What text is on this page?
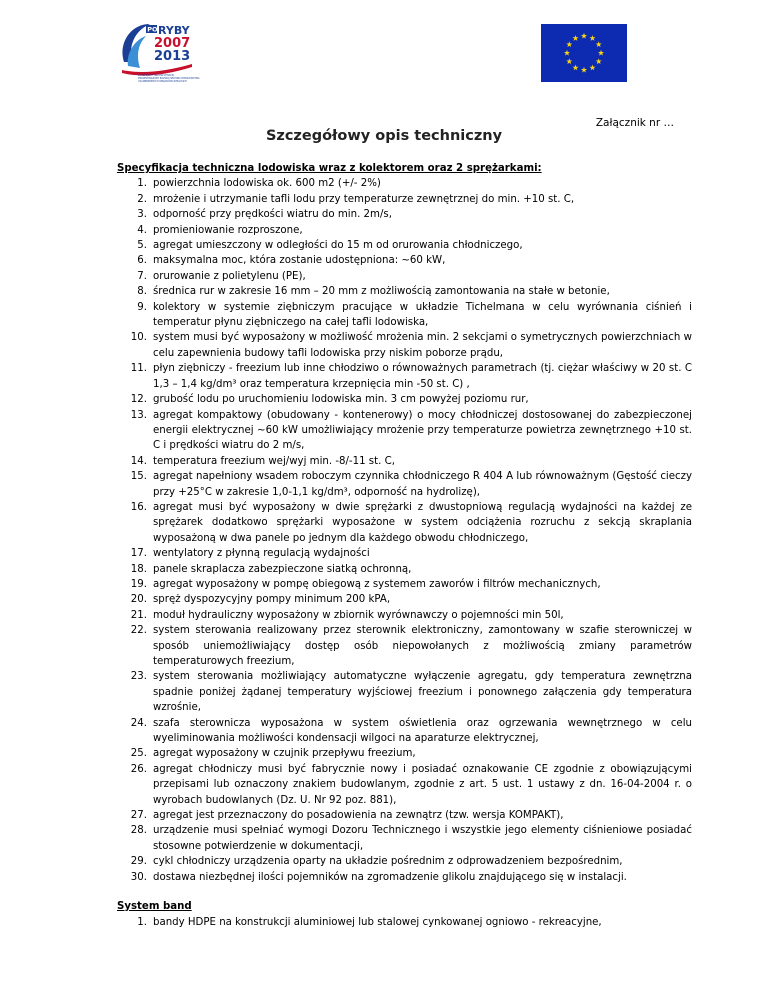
PO RYBY
2007
2013
EUROPEJSKI FUNDUSZ RYBACKI
ZRÓWNOWAŻONY ROZWÓJ SEKTORA RYBOŁÓWSTWA
I NADBRZEŻNYCH OBSZARÓW RYBACKICH
Załącznik nr …
Szczegółowy opis techniczny

Specyfikacja techniczna lodowiska wraz z kolektorem oraz 2 sprężarkami:

1. powierzchnia lodowiska ok. 600 m2 (+/- 2%)
2. mrożenie i utrzymanie tafli lodu przy temperaturze zewnętrznej do min. +10 st. C,
3. odporność przy prędkości wiatru do min. 2m/s,
4. promieniowanie rozproszone,
5. agregat umieszczony w odległości do 15 m od orurowania chłodniczego,
6. maksymalna moc, która zostanie udostępniona: ~60 kW,
7. orurowanie z polietylenu (PE),
8. średnica rur w zakresie 16 mm – 20 mm z możliwością zamontowania na stałe w betonie,
9. kolektory w systemie ziębniczym pracujące w układzie Tichelmana w celu wyrównania ciśnień i temperatur płynu ziębniczego na całej tafli lodowiska,
10. system musi być wyposażony w możliwość mrożenia min. 2 sekcjami o symetrycznych powierzchniach w celu zapewnienia budowy tafli lodowiska przy niskim poborze prądu,
11. płyn ziębniczy - freezium lub inne chłodziwo o równoważnych parametrach (tj. ciężar właściwy w 20 st. C 1,3 – 1,4 kg/dm³ oraz temperatura krzepnięcia min -50 st. C) ,
12. grubość lodu po uruchomieniu lodowiska min. 3 cm powyżej poziomu rur,
13. agregat kompaktowy (obudowany - kontenerowy) o mocy chłodniczej dostosowanej do zabezpieczonej energii elektrycznej ~60 kW umożliwiający mrożenie przy temperaturze powietrza zewnętrznego +10 st. C i prędkości wiatru do 2 m/s,
14. temperatura freezium wej/wyj min. -8/-11 st. C,
15. agregat napełniony wsadem roboczym czynnika chłodniczego R 404 A lub równoważnym (Gęstość cieczy przy +25°C w zakresie 1,0-1,1 kg/dm³, odporność na hydrolizę),
16. agregat musi być wyposażony w dwie sprężarki z dwustopniową regulacją wydajności na każdej ze sprężarek dodatkowo sprężarki wyposażone w system odciążenia rozruchu z sekcją skraplania wyposażoną w dwa panele po jednym dla każdego obwodu chłodniczego,
17. wentylatory z płynną regulacją wydajności
18. panele skraplacza zabezpieczone siatką ochronną,
19. agregat wyposażony w pompę obiegową z systemem zaworów i filtrów mechanicznych,
20. spręż dyspozycyjny pompy minimum 200 kPA,
21. moduł hydrauliczny wyposażony w zbiornik wyrównawczy o pojemności min 50l,
22. system sterowania realizowany przez sterownik elektroniczny, zamontowany w szafie sterowniczej w sposób uniemożliwiający dostęp osób niepowołanych z możliwością zmiany parametrów temperaturowych freezium,
23. system sterowania możliwiający automatyczne wyłączenie agregatu, gdy temperatura zewnętrzna spadnie poniżej żądanej temperatury wyjściowej freezium i ponownego załączenia gdy temperatura wzrośnie,
24. szafa sterownicza wyposażona w system oświetlenia oraz ogrzewania wewnętrznego w celu wyeliminowania możliwości kondensacji wilgoci na aparaturze elektrycznej,
25. agregat wyposażony w czujnik przepływu freezium,
26. agregat chłodniczy musi być fabrycznie nowy i posiadać oznakowanie CE zgodnie z obowiązującymi przepisami lub oznaczony znakiem budowlanym, zgodnie z art. 5 ust. 1 ustawy z dn. 16-04-2004 r. o wyrobach budowlanych (Dz. U. Nr 92 poz. 881),
27. agregat jest przeznaczony do posadowienia na zewnątrz (tzw. wersja KOMPAKT),
28. urządzenie musi spełniać wymogi Dozoru Technicznego i wszystkie jego elementy ciśnieniowe posiadać stosowne potwierdzenie w dokumentacji,
29. cykl chłodniczy urządzenia oparty na układzie pośrednim z odprowadzeniem bezpośrednim,
30. dostawa niezbędnej ilości pojemników na zgromadzenie glikolu znajdującego się w instalacji.

System band

1. bandy HDPE na konstrukcji aluminiowej lub stalowej cynkowanej ogniowo - rekreacyjne,
